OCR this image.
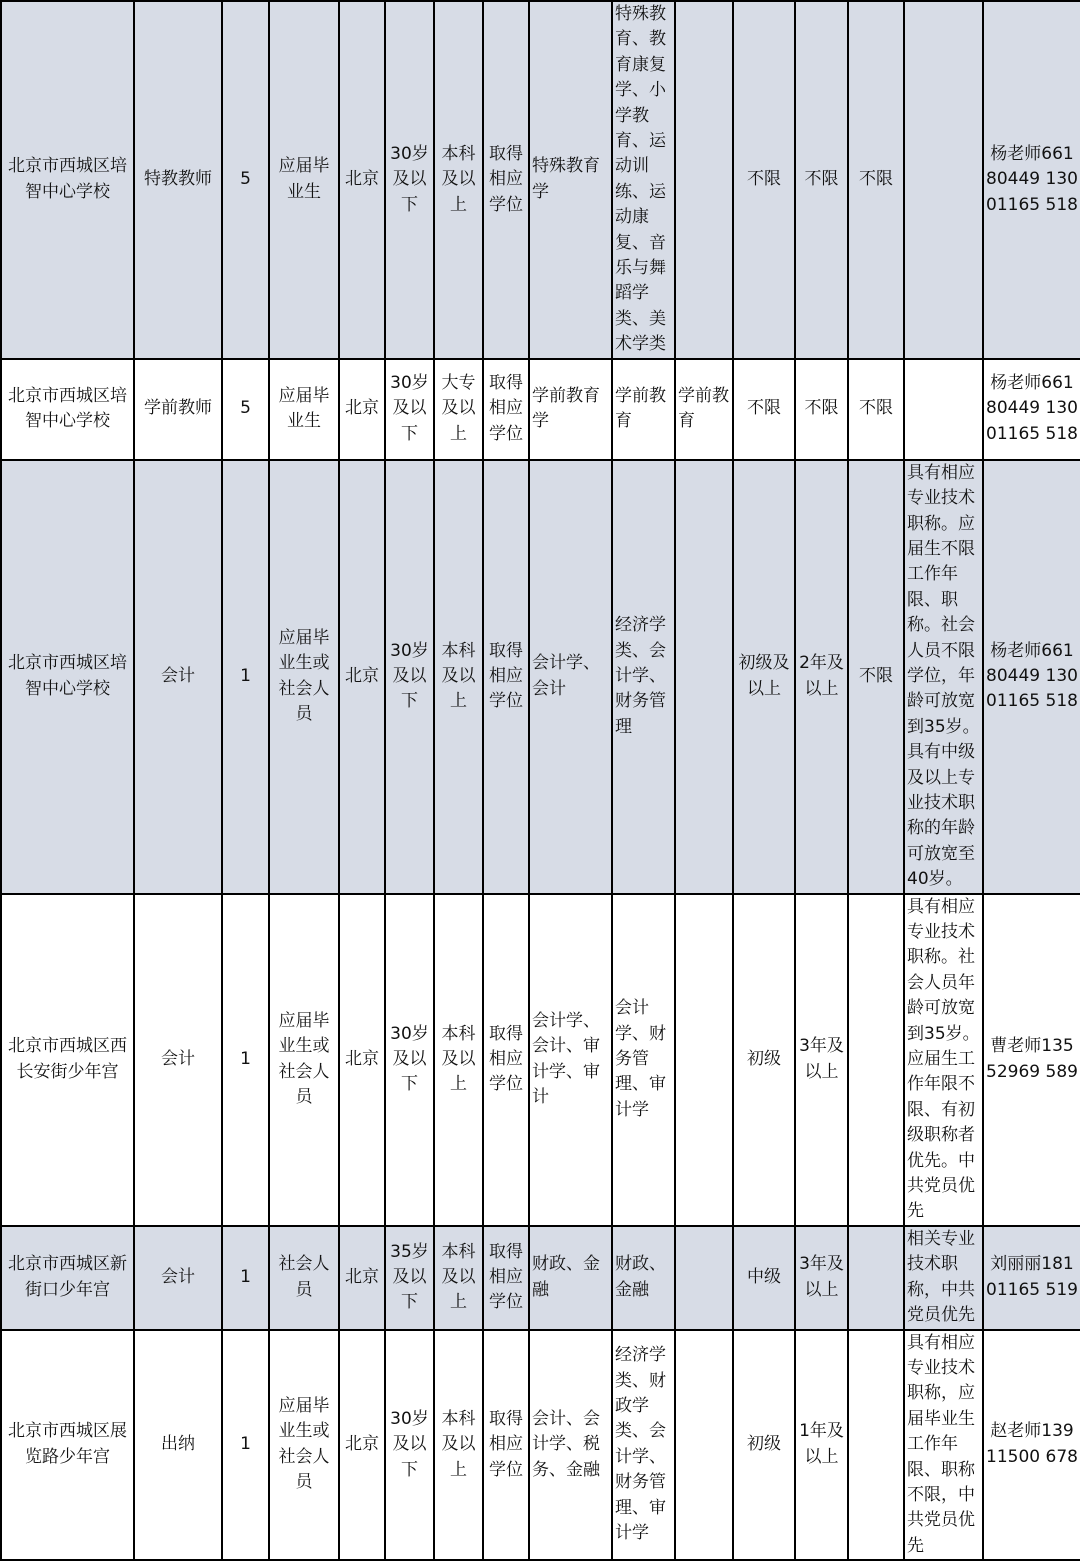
北京市西城区培智中心学校	特教教师	5	应届毕业生	北京	30岁及以下	本科及以上	取得相应学位	特殊教育学	特殊教育、教育康复学、小学教育、运动训练、运动康复、音乐与舞蹈学类、美术学类		不限	不限	不限		杨老师66180449 13001165 518
北京市西城区培智中心学校	学前教师	5	应届毕业生	北京	30岁及以下	大专及以上	取得相应学位	学前教育学	学前教育	学前教育	不限	不限	不限		杨老师66180449 13001165 518
北京市西城区培智中心学校	会计	1	应届毕业生或社会人员	北京	30岁及以下	本科及以上	取得相应学位	会计学、会计	经济学类、会计学、财务管理		初级及以上	2年及以上	不限	具有相应专业技术职称。应届生不限工作年限、职称。社会人员不限学位，年龄可放宽到35岁。具有中级及以上专业技术职称的年龄可放宽至40岁。	杨老师66180449 13001165 518
北京市西城区西长安街少年宫	会计	1	应届毕业生或社会人员	北京	30岁及以下	本科及以上	取得相应学位	会计学、会计、审计学、审计	会计学、财务管理、审计学		初级	3年及以上		具有相应专业技术职称。社会人员年龄可放宽到35岁。应届生工作年限不限、有初级职称者优先。中共党员优先	曹老师13552969 589
北京市西城区新街口少年宫	会计	1	社会人员	北京	35岁及以下	本科及以上	取得相应学位	财政、金融	财政、金融		中级	3年及以上		相关专业技术职称，中共党员优先	刘丽丽18101165 519
北京市西城区展览路少年宫	出纳	1	应届毕业生或社会人员	北京	30岁及以下	本科及以上	取得相应学位	会计、会计学、税务、金融	经济学类、财政学类、会计学、财务管理、审计学		初级	1年及以上		具有相应专业技术职称，应届毕业生工作年限、职称不限，中共党员优先	赵老师13911500 678
